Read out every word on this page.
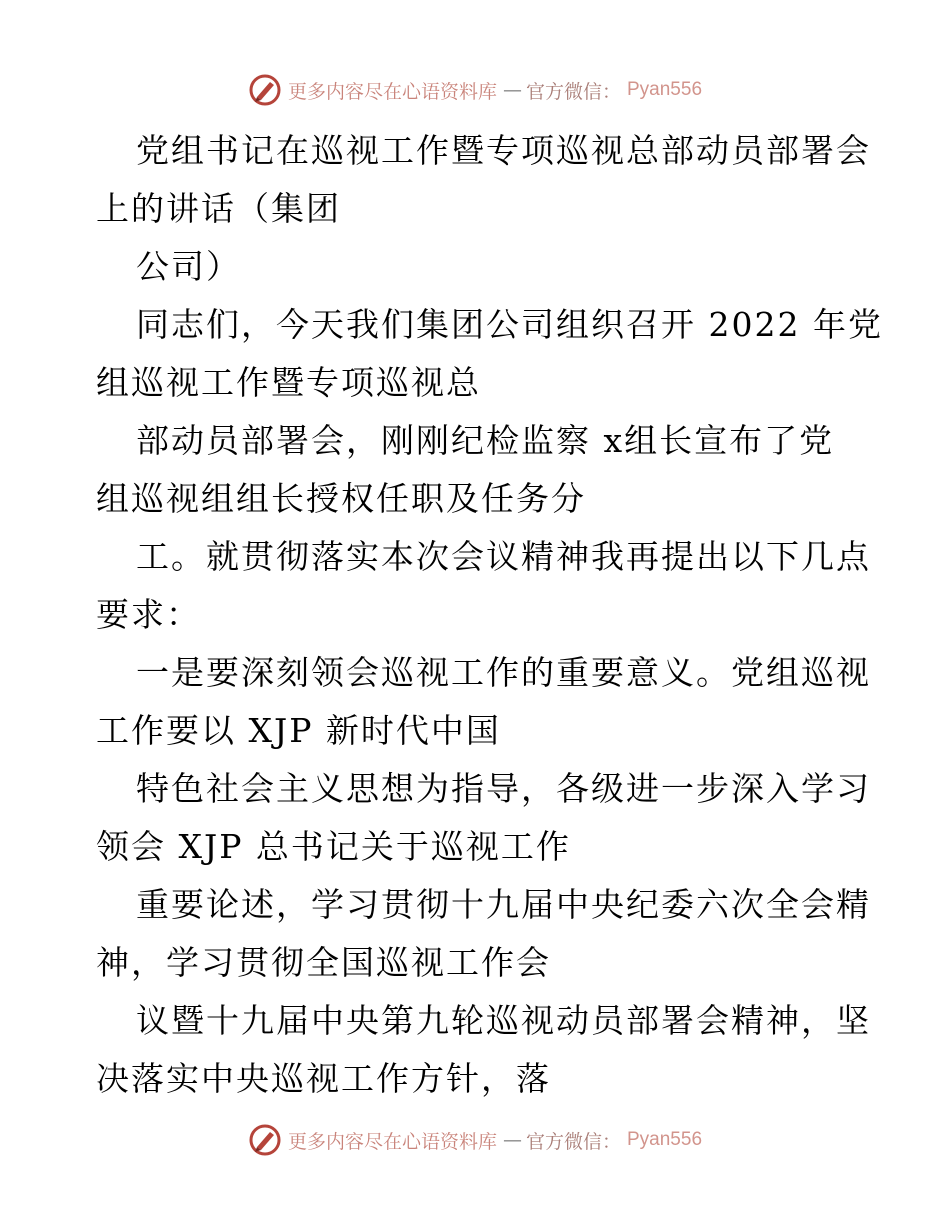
更多内容尽在心语资料库 — 官方微信： Pyan556
党组书记在巡视工作暨专项巡视总部动员部署会
上的讲话（集团
公司）
同志们，今天我们集团公司组织召开 2022 年党
组巡视工作暨专项巡视总
部动员部署会，刚刚纪检监察 x组长宣布了党
组巡视组组长授权任职及任务分
工。就贯彻落实本次会议精神我再提出以下几点
要求：
一是要深刻领会巡视工作的重要意义。党组巡视
工作要以 XJP 新时代中国
特色社会主义思想为指导，各级进一步深入学习
领会 XJP 总书记关于巡视工作
重要论述，学习贯彻十九届中央纪委六次全会精
神，学习贯彻全国巡视工作会
议暨十九届中央第九轮巡视动员部署会精神，坚
决落实中央巡视工作方针，落
更多内容尽在心语资料库 — 官方微信： Pyan556
